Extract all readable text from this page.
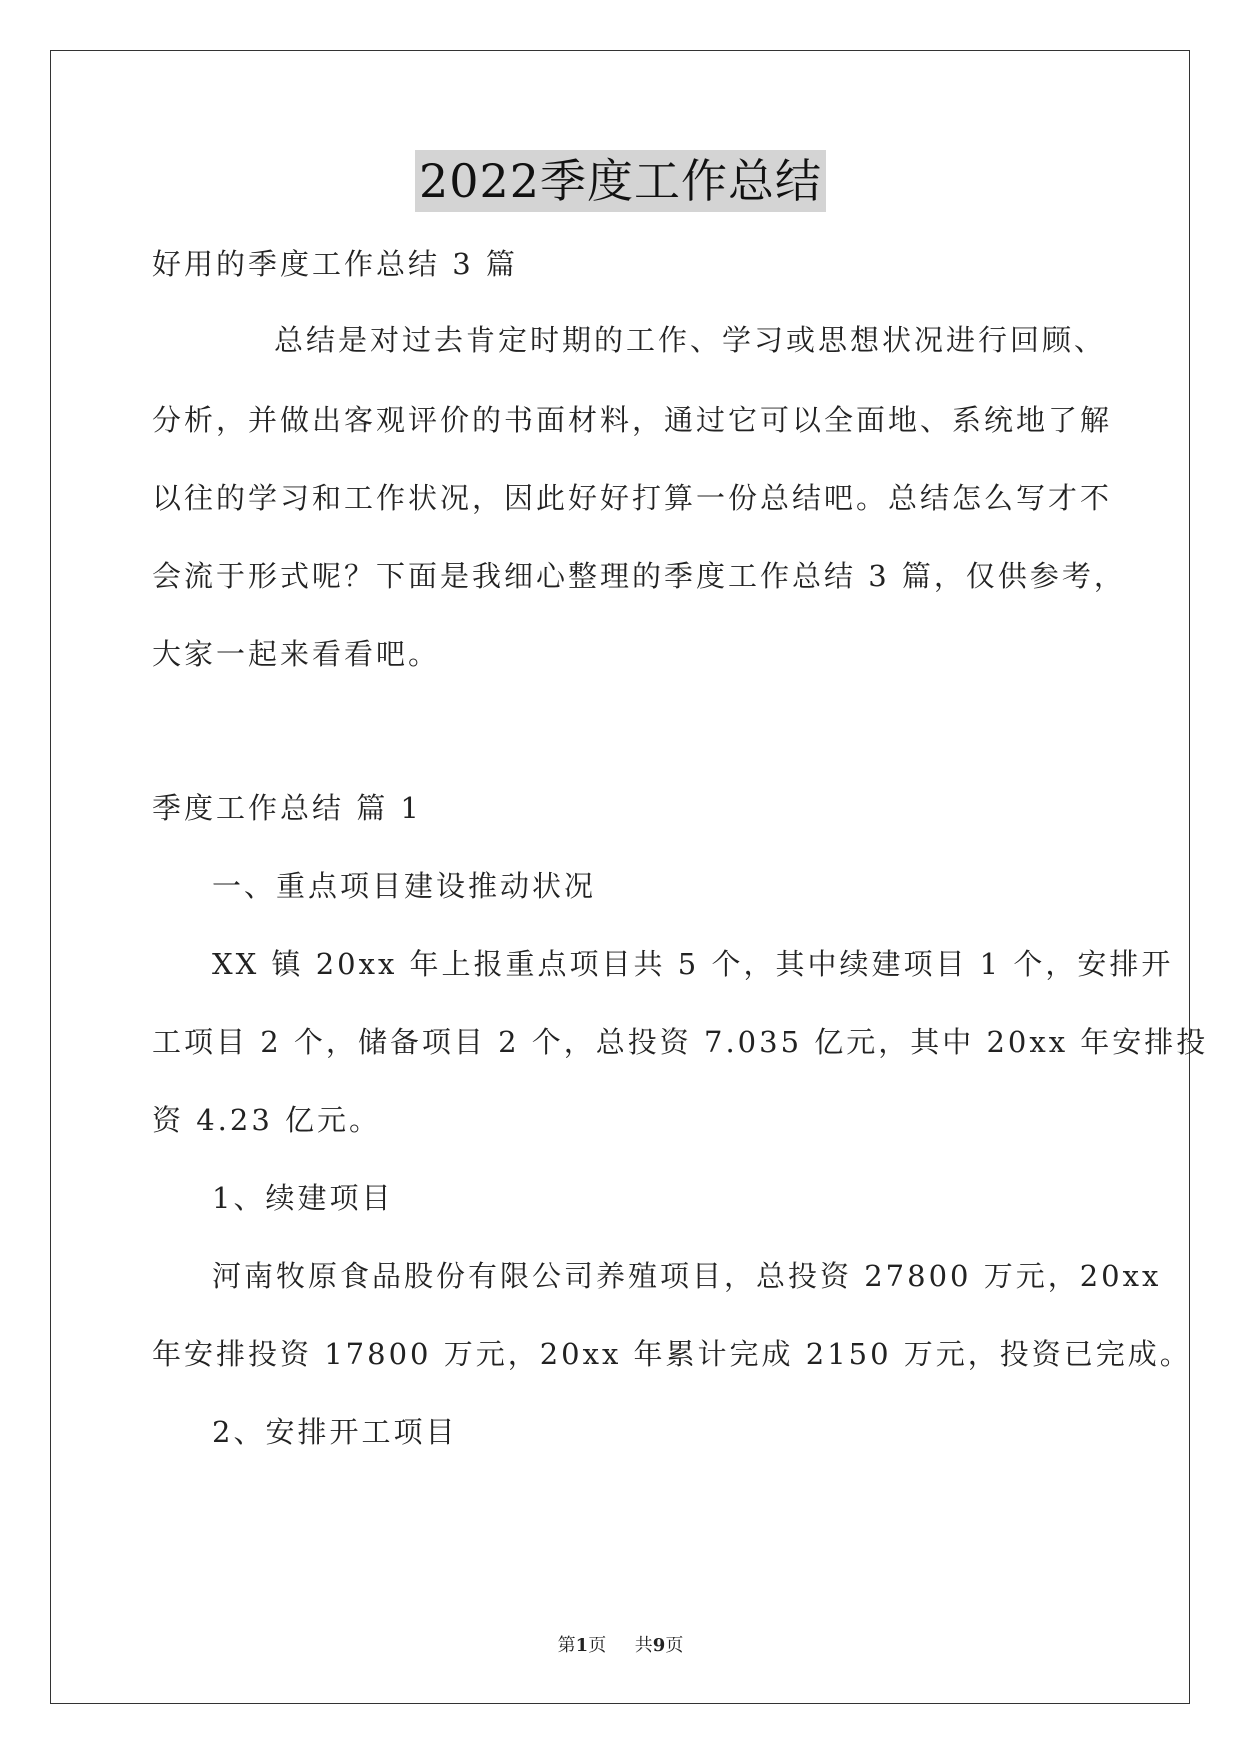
2022季度工作总结
好用的季度工作总结 3 篇
总结是对过去肯定时期的工作、学习或思想状况进行回顾、
分析，并做出客观评价的书面材料，通过它可以全面地、系统地了解
以往的学习和工作状况，因此好好打算一份总结吧。总结怎么写才不
会流于形式呢？下面是我细心整理的季度工作总结 3 篇，仅供参考，
大家一起来看看吧。
季度工作总结 篇 1
一、重点项目建设推动状况
XX 镇 20xx 年上报重点项目共 5 个，其中续建项目 1 个，安排开
工项目 2 个，储备项目 2 个，总投资 7.035 亿元，其中 20xx 年安排投
资 4.23 亿元。
1、续建项目
河南牧原食品股份有限公司养殖项目，总投资 27800 万元，20xx
年安排投资 17800 万元，20xx 年累计完成 2150 万元，投资已完成。
2、安排开工项目
第1页 共9页
